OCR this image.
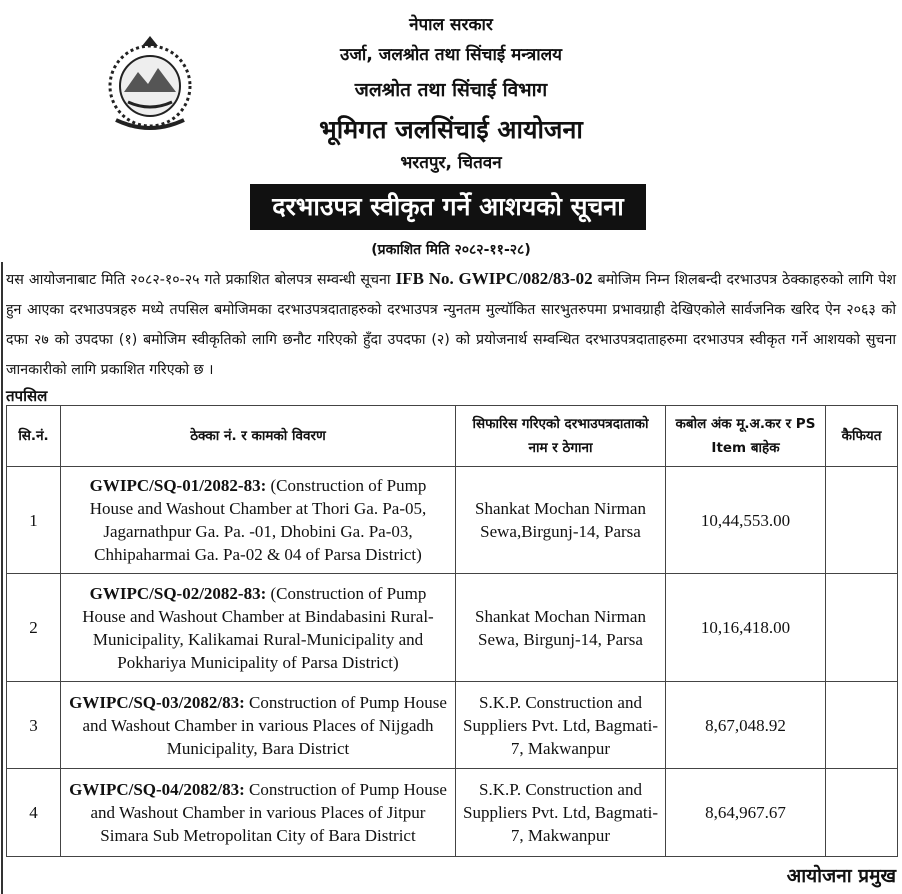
नेपाल सरकार
उर्जा, जलश्रोत तथा सिंचाई मन्त्रालय
जलश्रोत तथा सिंचाई विभाग
भूमिगत जलसिंचाई आयोजना
भरतपुर, चितवन
दरभाउपत्र स्वीकृत गर्ने आशयको सूचना
(प्रकाशित मिति २०८२-११-२८)
यस आयोजनाबाट मिति २०८२-१०-२५ गते प्रकाशित बोलपत्र सम्वन्धी सूचना IFB No. GWIPC/082/83-02 बमोजिम निम्न शिलबन्दी दरभाउपत्र ठेक्काहरुको लागि पेश हुन आएका दरभाउपत्रहरु मध्ये तपसिल बमोजिमका दरभाउपत्रदाताहरुको दरभाउपत्र न्युनतम मुल्यॉकित सारभुतरुपमा प्रभावग्राही देखिएकोले सार्वजनिक खरिद ऐन २०६३ को दफा २७ को उपदफा (१) बमोजिम स्वीकृतिको लागि छनौट गरिएको हुँदा उपदफा (२) को प्रयोजनार्थ सम्वन्धित दरभाउपत्रदाताहरुमा दरभाउपत्र स्वीकृत गर्ने आशयको सुचना जानकारीको लागि प्रकाशित गरिएको छ ।
तपसिल
सि.नं.	ठेक्का नं. र कामको विवरण	सिफारिस गरिएको दरभाउपत्रदाताको नाम र ठेगाना	कबोल अंक मू.अ.कर र PS Item बाहेक	कैफियत
1	GWIPC/SQ-01/2082-83: (Construction of Pump House and Washout Chamber at Thori Ga. Pa-05, Jagarnathpur Ga. Pa. -01, Dhobini Ga. Pa-03, Chhipaharmai Ga. Pa-02 & 04 of Parsa District)	Shankat Mochan Nirman Sewa,Birgunj-14, Parsa	10,44,553.00	
2	GWIPC/SQ-02/2082-83: (Construction of Pump House and Washout Chamber at Bindabasini Rural-Municipality, Kalikamai Rural-Municipality and Pokhariya Municipality of Parsa District)	Shankat Mochan Nirman Sewa, Birgunj-14, Parsa	10,16,418.00	
3	GWIPC/SQ-03/2082/83: Construction of Pump House and Washout Chamber in various Places of Nijgadh Municipality, Bara District	S.K.P. Construction and Suppliers Pvt. Ltd, Bagmati-7, Makwanpur	8,67,048.92	
4	GWIPC/SQ-04/2082/83: Construction of Pump House and Washout Chamber in various Places of Jitpur Simara Sub Metropolitan City of Bara District	S.K.P. Construction and Suppliers Pvt. Ltd, Bagmati-7, Makwanpur	8,64,967.67	
आयोजना प्रमुख
